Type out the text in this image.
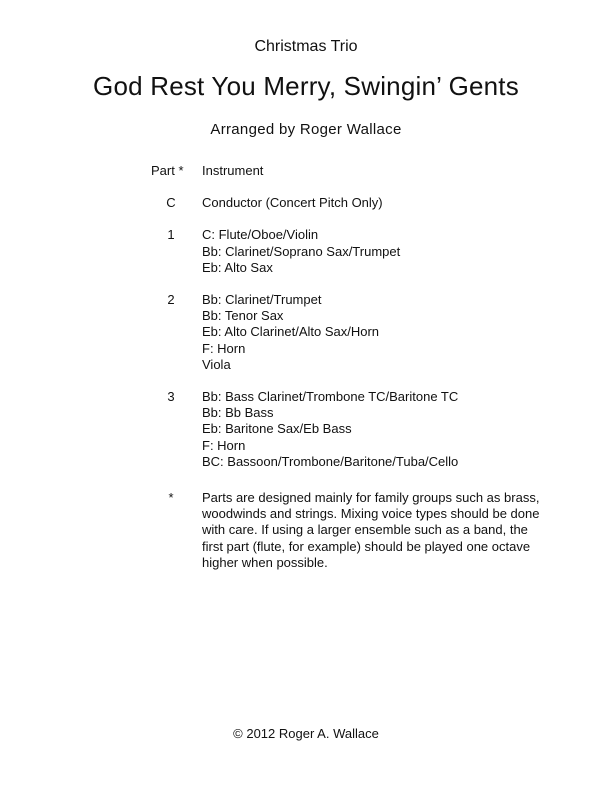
Christmas Trio
God Rest You Merry, Swingin’ Gents
Arranged by Roger Wallace
Part *	Instrument
C	Conductor (Concert Pitch Only)
1	C: Flute/Oboe/Violin
Bb: Clarinet/Soprano Sax/Trumpet
Eb: Alto Sax
2	Bb: Clarinet/Trumpet
Bb: Tenor Sax
Eb: Alto Clarinet/Alto Sax/Horn
F: Horn
Viola
3	Bb: Bass Clarinet/Trombone TC/Baritone TC
Bb: Bb Bass
Eb: Baritone Sax/Eb Bass
F: Horn
BC: Bassoon/Trombone/Baritone/Tuba/Cello
*	Parts are designed mainly for family groups such as brass, woodwinds and strings. Mixing voice types should be done with care. If using a larger ensemble such as a band, the first part (flute, for example) should be played one octave higher when possible.
© 2012 Roger A. Wallace
